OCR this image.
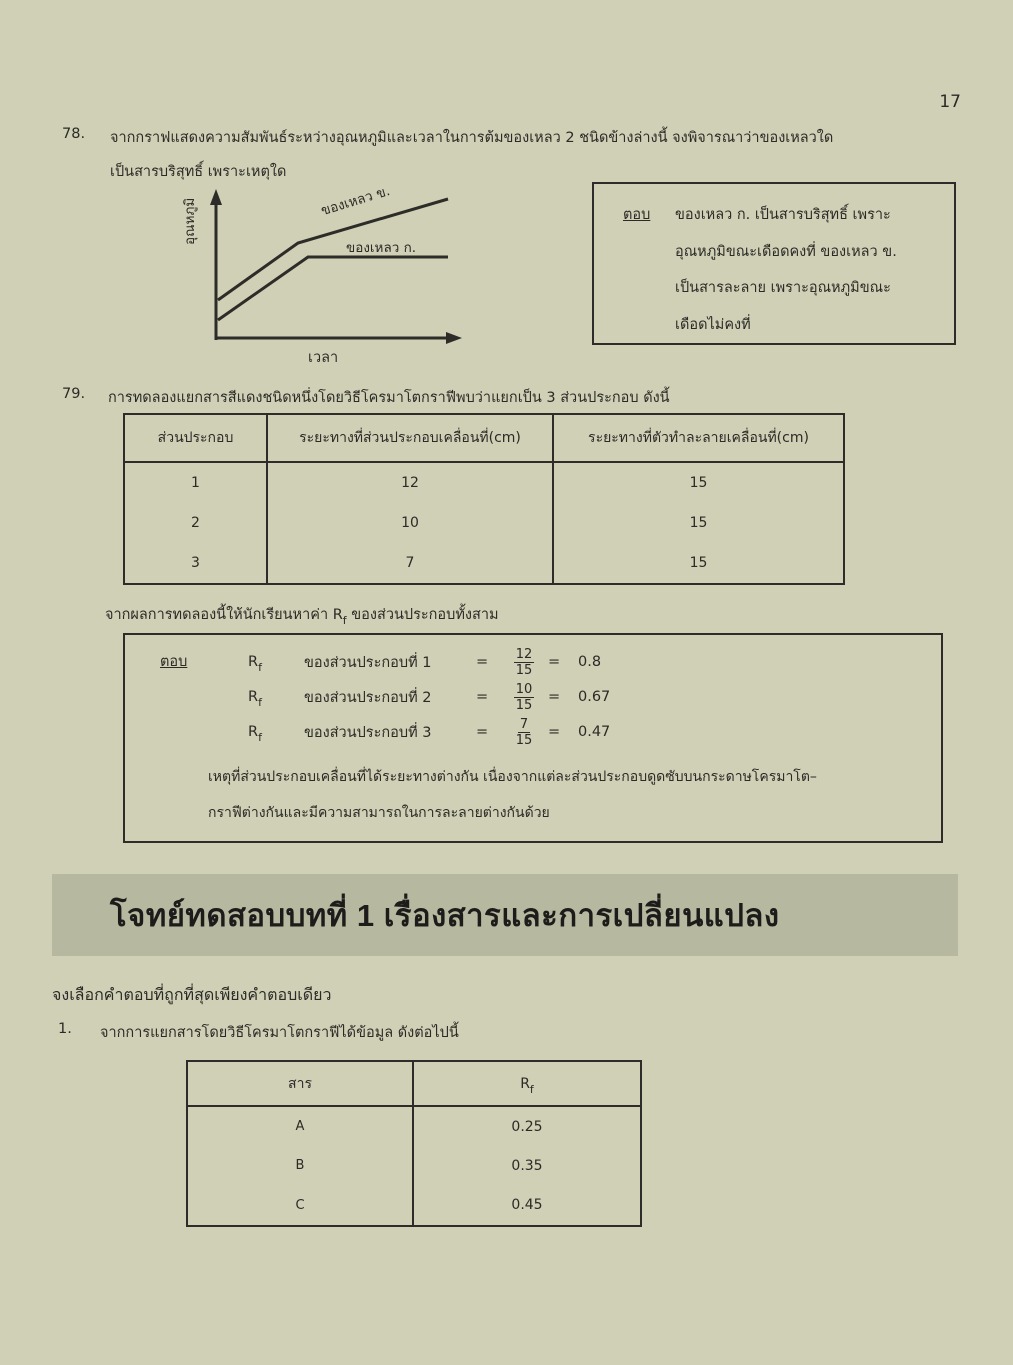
17
78. จากกราฟแสดงความสัมพันธ์ระหว่างอุณหภูมิและเวลาในการต้มของเหลว 2 ชนิดข้างล่างนี้ จงพิจารณาว่าของเหลวใด
เป็นสารบริสุทธิ์ เพราะเหตุใด
อุณหภูมิ
เวลา
ของเหลว ข.
ของเหลว ก.
ตอบ ของเหลว ก. เป็นสารบริสุทธิ์ เพราะ
อุณหภูมิขณะเดือดคงที่ ของเหลว ข.
เป็นสารละลาย เพราะอุณหภูมิขณะ
เดือดไม่คงที่
79. การทดลองแยกสารสีแดงชนิดหนึ่งโดยวิธีโครมาโตกราฟีพบว่าแยกเป็น 3 ส่วนประกอบ ดังนี้
ส่วนประกอบ	ระยะทางที่ส่วนประกอบเคลื่อนที่(cm)	ระยะทางที่ตัวทำละลายเคลื่อนที่(cm)
1	12	15
2	10	15
3	7	15
จากผลการทดลองนี้ให้นักเรียนหาค่า $R_f$ ของส่วนประกอบทั้งสาม
ตอบ	$R_f$	ของส่วนประกอบที่ 1	=	$\frac{12}{15}$ =	0.8
$R_f$	ของส่วนประกอบที่ 2	=	$\frac{10}{15}$ =	0.67
$R_f$	ของส่วนประกอบที่ 3	=	$\frac{7}{15}$ =	0.47
เหตุที่ส่วนประกอบเคลื่อนที่ได้ระยะทางต่างกัน เนื่องจากแต่ละส่วนประกอบดูดซับบนกระดาษโครมาโต–
กราฟีต่างกันและมีความสามารถในการละลายต่างกันด้วย
โจทย์ทดสอบบทที่ 1 เรื่องสารและการเปลี่ยนแปลง
จงเลือกคำตอบที่ถูกที่สุดเพียงคำตอบเดียว
1. จากการแยกสารโดยวิธีโครมาโตกราฟีได้ข้อมูล ดังต่อไปนี้
สาร	$R_f$
A	0.25
B	0.35
C	0.45
